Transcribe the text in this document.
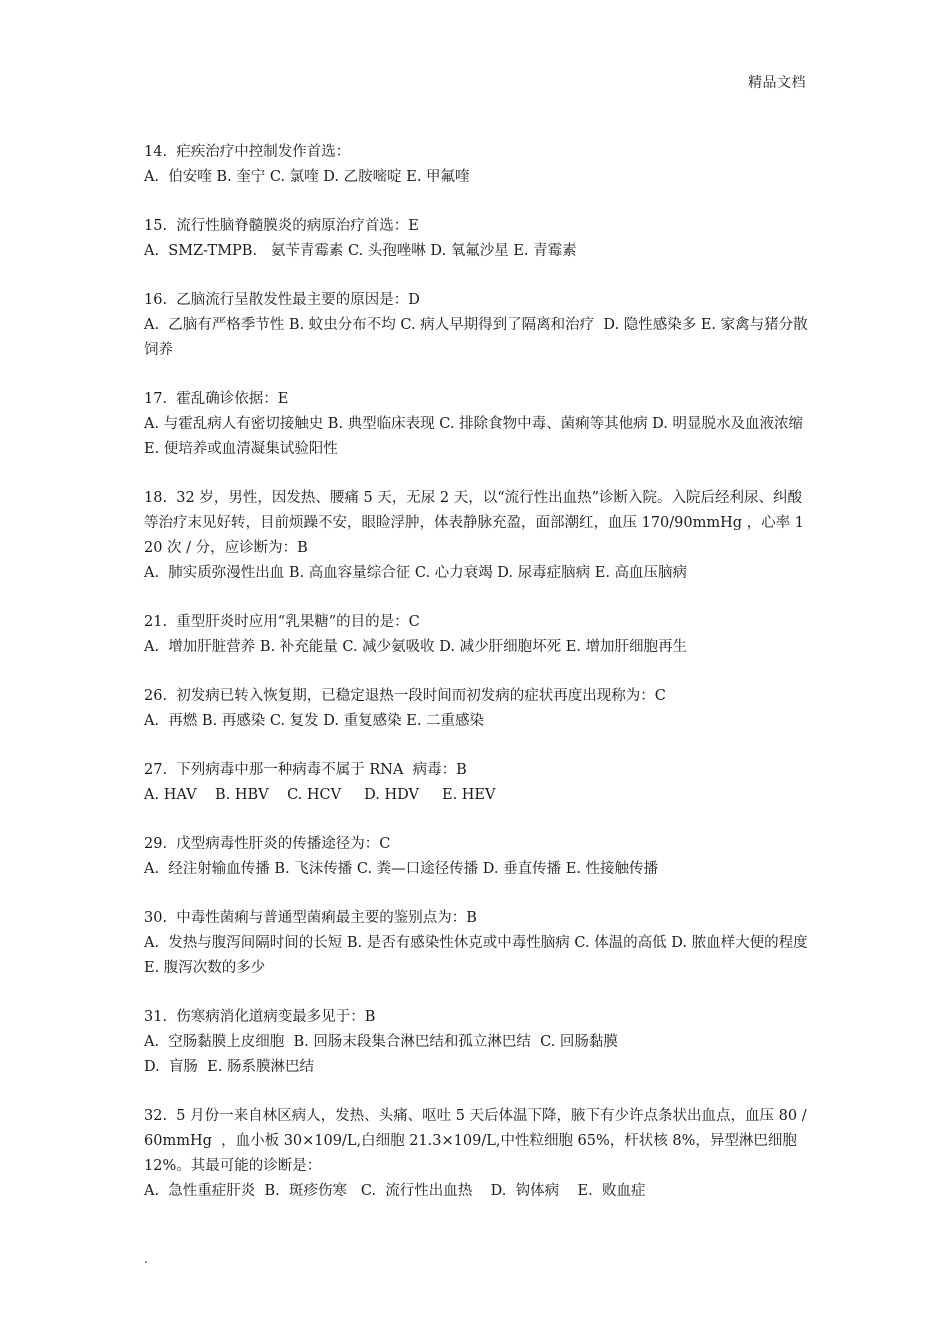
精品文档

14.  疟疾治疗中控制发作首选：

A.  伯安喹 B. 奎宁 C. 氯喹 D. 乙胺嘧啶 E. 甲氟喹

15.  流行性脑脊髓膜炎的病原治疗首选：E

A.  SMZ-TMPB.   氨苄青霉素 C. 头孢唑啉 D. 氧氟沙星 E. 青霉素

16.  乙脑流行呈散发性最主要的原因是：D

A.  乙脑有严格季节性 B. 蚊虫分布不均 C. 病人早期得到了隔离和治疗  D. 隐性感染多 E. 家禽与猪分散饲养

17.  霍乱确诊依据：E

A. 与霍乱病人有密切接触史 B. 典型临床表现 C. 排除食物中毒、菌痢等其他病 D. 明显脱水及血液浓缩  E. 便培养或血清凝集试验阳性

18.  32 岁，男性，因发热、腰痛 5 天，无尿 2 天，以“流行性出血热”诊断入院。入院后经利尿、纠酸等治疗末见好转，目前烦躁不安，眼睑浮肿，体表静脉充盈，面部潮红，血压 170/90mmHg ，心率 120 次 / 分，应诊断为：B

A.  肺实质弥漫性出血 B. 高血容量综合征 C. 心力衰竭 D. 尿毒症脑病 E. 高血压脑病

21.  重型肝炎时应用“乳果糖”的目的是：C

A.  增加肝脏营养 B. 补充能量 C. 减少氨吸收 D. 减少肝细胞坏死 E. 增加肝细胞再生

26.  初发病已转入恢复期，已稳定退热一段时间而初发病的症状再度出现称为：C

A.  再燃 B. 再感染 C. 复发 D. 重复感染 E. 二重感染

27.  下列病毒中那一种病毒不属于 RNA  病毒：B

A. HAV    B. HBV    C. HCV     D. HDV     E. HEV

29.  戊型病毒性肝炎的传播途径为：C

A.  经注射输血传播 B. 飞沫传播 C. 粪—口途径传播 D. 垂直传播 E. 性接触传播

30.  中毒性菌痢与普通型菌痢最主要的鉴别点为：B

A.  发热与腹泻间隔时间的长短 B. 是否有感染性休克或中毒性脑病 C. 体温的高低 D. 脓血样大便的程度 E. 腹泻次数的多少

31.  伤寒病消化道病变最多见于：B

A.  空肠黏膜上皮细胞  B. 回肠末段集合淋巴结和孤立淋巴结  C. 回肠黏膜
D.  盲肠  E. 肠系膜淋巴结

32.  5 月份一来自林区病人，发热、头痛、呕吐 5 天后体温下降，腋下有少许点条状出血点，血压 80 / 60mmHg  ，血小板 30×109/L,白细胞 21.3×109/L,中性粒细胞 65%，杆状核 8%，异型淋巴细胞 12%。其最可能的诊断是：

A.  急性重症肝炎  B.  斑疹伤寒   C.  流行性出血热    D.  钩体病    E.  败血症

.
